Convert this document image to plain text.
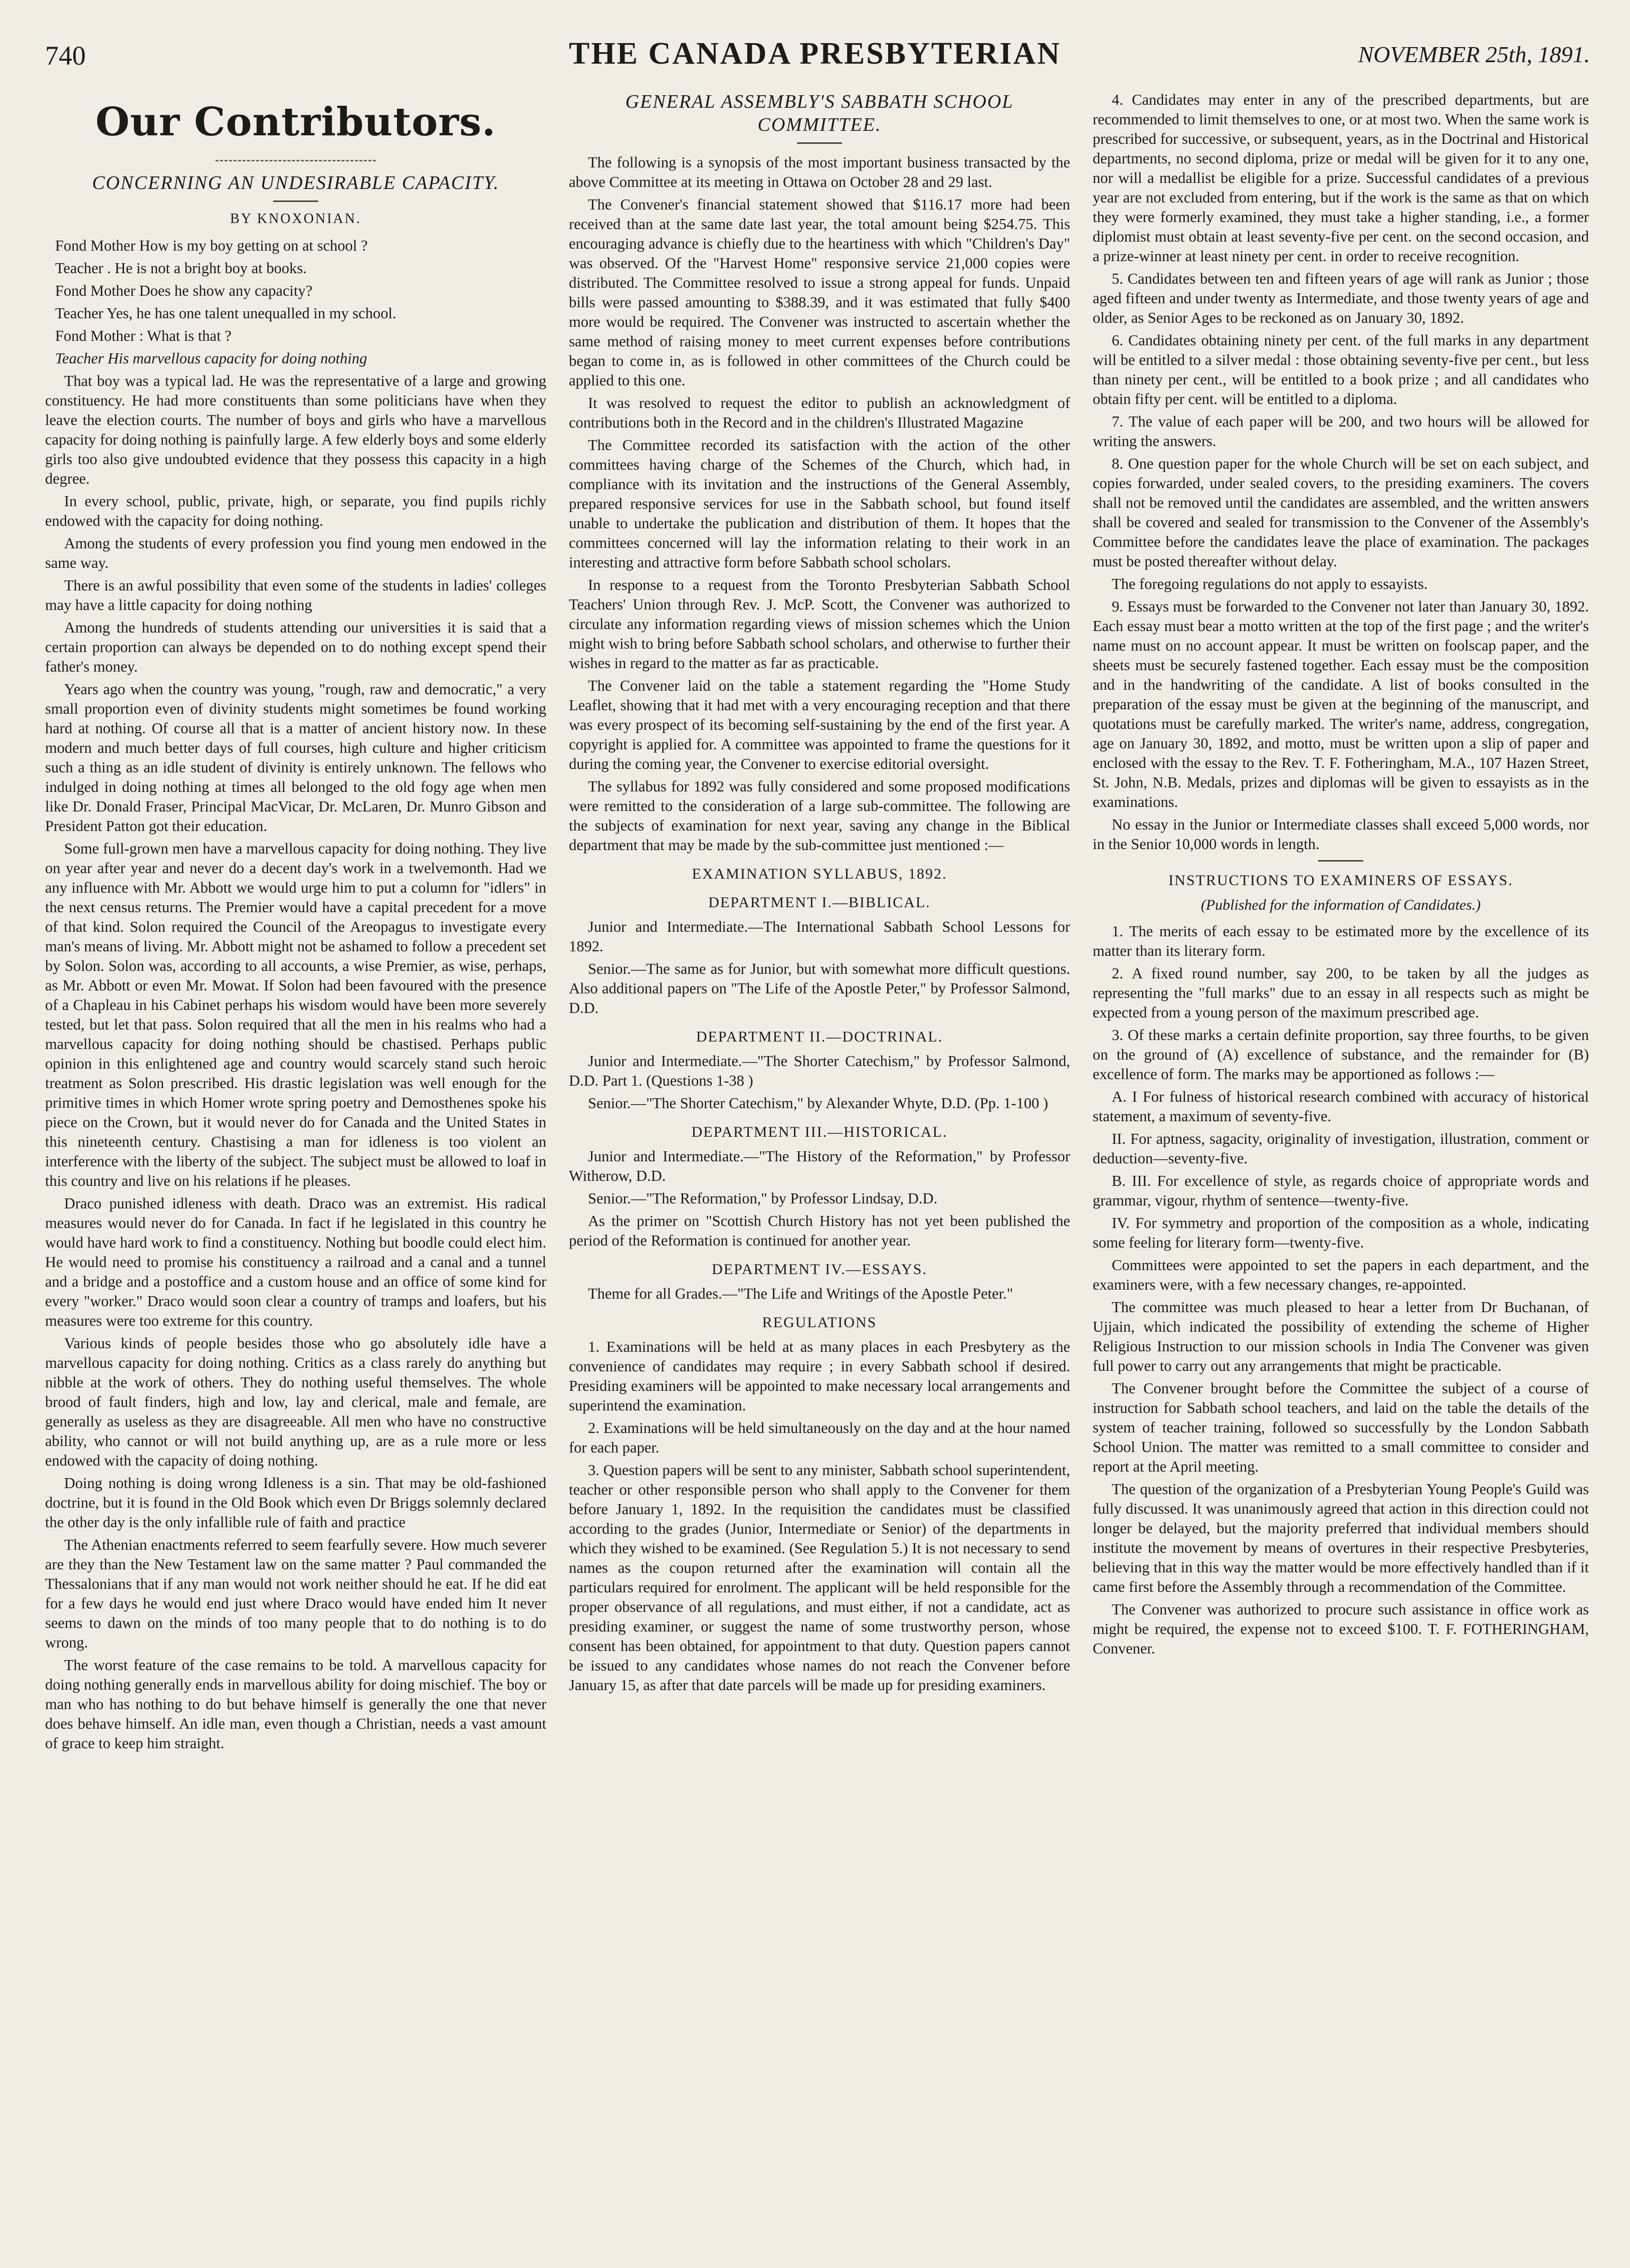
740	THE CANADA PRESBYTERIAN	NOVEMBER 25th, 1891.
Our Contributors.
CONCERNING AN UNDESIRABLE CAPACITY.
BY KNOXONIAN.

Fond Mother How is my boy getting on at school ?

Teacher . He is not a bright boy at books.

Fond Mother Does he show any capacity?

Teacher Yes, he has one talent unequalled in my school.

Fond Mother : What is that ?

Teacher His marvellous capacity for doing nothing

That boy was a typical lad. He was the representative of a large and growing constituency. He had more constituents than some politicians have when they leave the election courts. The number of boys and girls who have a marvellous capacity for doing nothing is painfully large. A few elderly boys and some elderly girls too also give undoubted evidence that they possess this capacity in a high degree.

In every school, public, private, high, or separate, you find pupils richly endowed with the capacity for doing nothing.

Among the students of every profession you find young men endowed in the same way.

There is an awful possibility that even some of the students in ladies' colleges may have a little capacity for doing nothing

Among the hundreds of students attending our universities it is said that a certain proportion can always be depended on to do nothing except spend their father's money.

Years ago when the country was young, "rough, raw and democratic," a very small proportion even of divinity students might sometimes be found working hard at nothing. Of course all that is a matter of ancient history now. In these modern and much better days of full courses, high culture and higher criticism such a thing as an idle student of divinity is entirely unknown. The fellows who indulged in doing nothing at times all belonged to the old fogy age when men like Dr. Donald Fraser, Principal MacVicar, Dr. McLaren, Dr. Munro Gibson and President Patton got their education.

Some full-grown men have a marvellous capacity for doing nothing. They live on year after year and never do a decent day's work in a twelvemonth. Had we any influence with Mr. Abbott we would urge him to put a column for "idlers" in the next census returns. The Premier would have a capital precedent for a move of that kind. Solon required the Council of the Areopagus to investigate every man's means of living. Mr. Abbott might not be ashamed to follow a precedent set by Solon. Solon was, according to all accounts, a wise Premier, as wise, perhaps, as Mr. Abbott or even Mr. Mowat. If Solon had been favoured with the presence of a Chapleau in his Cabinet perhaps his wisdom would have been more severely tested, but let that pass. Solon required that all the men in his realms who had a marvellous capacity for doing nothing should be chastised. Perhaps public opinion in this enlightened age and country would scarcely stand such heroic treatment as Solon prescribed. His drastic legislation was well enough for the primitive times in which Homer wrote spring poetry and Demosthenes spoke his piece on the Crown, but it would never do for Canada and the United States in this nineteenth century. Chastising a man for idleness is too violent an interference with the liberty of the subject. The subject must be allowed to loaf in this country and live on his relations if he pleases.

Draco punished idleness with death. Draco was an extremist. His radical measures would never do for Canada. In fact if he legislated in this country he would have hard work to find a constituency. Nothing but boodle could elect him. He would need to promise his constituency a railroad and a canal and a tunnel and a bridge and a postoffice and a custom house and an office of some kind for every "worker." Draco would soon clear a country of tramps and loafers, but his measures were too extreme for this country.

Various kinds of people besides those who go absolutely idle have a marvellous capacity for doing nothing. Critics as a class rarely do anything but nibble at the work of others. They do nothing useful themselves. The whole brood of fault finders, high and low, lay and clerical, male and female, are generally as useless as they are disagreeable. All men who have no constructive ability, who cannot or will not build anything up, are as a rule more or less endowed with the capacity of doing nothing.

Doing nothing is doing wrong Idleness is a sin. That may be old-fashioned doctrine, but it is found in the Old Book which even Dr Briggs solemnly declared the other day is the only infallible rule of faith and practice

The Athenian enactments referred to seem fearfully severe. How much severer are they than the New Testament law on the same matter ? Paul commanded the Thessalonians that if any man would not work neither should he eat. If he did eat for a few days he would end just where Draco would have ended him It never seems to dawn on the minds of too many people that to do nothing is to do wrong.

The worst feature of the case remains to be told. A marvellous capacity for doing nothing generally ends in marvellous ability for doing mischief. The boy or man who has nothing to do but behave himself is generally the one that never does behave himself. An idle man, even though a Christian, needs a vast amount of grace to keep him straight.

GENERAL ASSEMBLY'S SABBATH SCHOOL COMMITTEE.

The following is a synopsis of the most important business transacted by the above Committee at its meeting in Ottawa on October 28 and 29 last.

The Convener's financial statement showed that $116.17 more had been received than at the same date last year, the total amount being $254.75. This encouraging advance is chiefly due to the heartiness with which "Children's Day" was observed. Of the "Harvest Home" responsive service 21,000 copies were distributed. The Committee resolved to issue a strong appeal for funds. Unpaid bills were passed amounting to $388.39, and it was estimated that fully $400 more would be required. The Convener was instructed to ascertain whether the same method of raising money to meet current expenses before contributions began to come in, as is followed in other committees of the Church could be applied to this one.

It was resolved to request the editor to publish an acknowledgment of contributions both in the Record and in the children's Illustrated Magazine

The Committee recorded its satisfaction with the action of the other committees having charge of the Schemes of the Church, which had, in compliance with its invitation and the instructions of the General Assembly, prepared responsive services for use in the Sabbath school, but found itself unable to undertake the publication and distribution of them. It hopes that the committees concerned will lay the information relating to their work in an interesting and attractive form before Sabbath school scholars.

In response to a request from the Toronto Presbyterian Sabbath School Teachers' Union through Rev. J. McP. Scott, the Convener was authorized to circulate any information regarding views of mission schemes which the Union might wish to bring before Sabbath school scholars, and otherwise to further their wishes in regard to the matter as far as practicable.

The Convener laid on the table a statement regarding the "Home Study Leaflet, showing that it had met with a very encouraging reception and that there was every prospect of its becoming self-sustaining by the end of the first year. A copyright is applied for. A committee was appointed to frame the questions for it during the coming year, the Convener to exercise editorial oversight.

The syllabus for 1892 was fully considered and some proposed modifications were remitted to the consideration of a large sub-committee. The following are the subjects of examination for next year, saving any change in the Biblical department that may be made by the sub-committee just mentioned :—

EXAMINATION SYLLABUS, 1892.

DEPARTMENT I.—BIBLICAL.

Junior and Intermediate.—The International Sabbath School Lessons for 1892.

Senior.—The same as for Junior, but with somewhat more difficult questions. Also additional papers on "The Life of the Apostle Peter," by Professor Salmond, D.D.

DEPARTMENT II.—DOCTRINAL.

Junior and Intermediate.—"The Shorter Catechism," by Professor Salmond, D.D. Part 1. (Questions 1-38 )

Senior.—"The Shorter Catechism," by Alexander Whyte, D.D. (Pp. 1-100 )

DEPARTMENT III.—HISTORICAL.

Junior and Intermediate.—"The History of the Reformation," by Professor Witherow, D.D.

Senior.—"The Reformation," by Professor Lindsay, D.D.

As the primer on "Scottish Church History has not yet been published the period of the Reformation is continued for another year.

DEPARTMENT IV.—ESSAYS.

Theme for all Grades.—"The Life and Writings of the Apostle Peter."

REGULATIONS

1. Examinations will be held at as many places in each Presbytery as the convenience of candidates may require ; in every Sabbath school if desired. Presiding examiners will be appointed to make necessary local arrangements and superintend the examination.

2. Examinations will be held simultaneously on the day and at the hour named for each paper.

3. Question papers will be sent to any minister, Sabbath school superintendent, teacher or other responsible person who shall apply to the Convener for them before January 1, 1892. In the requisition the candidates must be classified according to the grades (Junior, Intermediate or Senior) of the departments in which they wished to be examined. (See Regulation 5.) It is not necessary to send names as the coupon returned after the examination will contain all the particulars required for enrolment. The applicant will be held responsible for the proper observance of all regulations, and must either, if not a candidate, act as presiding examiner, or suggest the name of some trustworthy person, whose consent has been obtained, for appointment to that duty. Question papers cannot be issued to any candidates whose names do not reach the Convener before January 15, as after that date parcels will be made up for presiding examiners.

4. Candidates may enter in any of the prescribed departments, but are recommended to limit themselves to one, or at most two. When the same work is prescribed for successive, or subsequent, years, as in the Doctrinal and Historical departments, no second diploma, prize or medal will be given for it to any one, nor will a medallist be eligible for a prize. Successful candidates of a previous year are not excluded from entering, but if the work is the same as that on which they were formerly examined, they must take a higher standing, i.e., a former diplomist must obtain at least seventy-five per cent. on the second occasion, and a prize-winner at least ninety per cent. in order to receive recognition.

5. Candidates between ten and fifteen years of age will rank as Junior ; those aged fifteen and under twenty as Intermediate, and those twenty years of age and older, as Senior Ages to be reckoned as on January 30, 1892.

6. Candidates obtaining ninety per cent. of the full marks in any department will be entitled to a silver medal : those obtaining seventy-five per cent., but less than ninety per cent., will be entitled to a book prize ; and all candidates who obtain fifty per cent. will be entitled to a diploma.

7. The value of each paper will be 200, and two hours will be allowed for writing the answers.

8. One question paper for the whole Church will be set on each subject, and copies forwarded, under sealed covers, to the presiding examiners. The covers shall not be removed until the candidates are assembled, and the written answers shall be covered and sealed for transmission to the Convener of the Assembly's Committee before the candidates leave the place of examination. The packages must be posted thereafter without delay.

The foregoing regulations do not apply to essayists.

9. Essays must be forwarded to the Convener not later than January 30, 1892. Each essay must bear a motto written at the top of the first page ; and the writer's name must on no account appear. It must be written on foolscap paper, and the sheets must be securely fastened together. Each essay must be the composition and in the handwriting of the candidate. A list of books consulted in the preparation of the essay must be given at the beginning of the manuscript, and quotations must be carefully marked. The writer's name, address, congregation, age on January 30, 1892, and motto, must be written upon a slip of paper and enclosed with the essay to the Rev. T. F. Fotheringham, M.A., 107 Hazen Street, St. John, N.B. Medals, prizes and diplomas will be given to essayists as in the examinations.

No essay in the Junior or Intermediate classes shall exceed 5,000 words, nor in the Senior 10,000 words in length.

INSTRUCTIONS TO EXAMINERS OF ESSAYS.

(Published for the information of Candidates.)

1. The merits of each essay to be estimated more by the excellence of its matter than its literary form.

2. A fixed round number, say 200, to be taken by all the judges as representing the "full marks" due to an essay in all respects such as might be expected from a young person of the maximum prescribed age.

3. Of these marks a certain definite proportion, say three fourths, to be given on the ground of (A) excellence of substance, and the remainder for (B) excellence of form. The marks may be apportioned as follows :—

A. I For fulness of historical research combined with accuracy of historical statement, a maximum of seventy-five.

II. For aptness, sagacity, originality of investigation, illustration, comment or deduction—seventy-five.

B. III. For excellence of style, as regards choice of appropriate words and grammar, vigour, rhythm of sentence—twenty-five.

IV. For symmetry and proportion of the composition as a whole, indicating some feeling for literary form—twenty-five.

Committees were appointed to set the papers in each department, and the examiners were, with a few necessary changes, re-appointed.

The committee was much pleased to hear a letter from Dr Buchanan, of Ujjain, which indicated the possibility of extending the scheme of Higher Religious Instruction to our mission schools in India The Convener was given full power to carry out any arrangements that might be practicable.

The Convener brought before the Committee the subject of a course of instruction for Sabbath school teachers, and laid on the table the details of the system of teacher training, followed so successfully by the London Sabbath School Union. The matter was remitted to a small committee to consider and report at the April meeting.

The question of the organization of a Presbyterian Young People's Guild was fully discussed. It was unanimously agreed that action in this direction could not longer be delayed, but the majority preferred that individual members should institute the movement by means of overtures in their respective Presbyteries, believing that in this way the matter would be more effectively handled than if it came first before the Assembly through a recommendation of the Committee.

The Convener was authorized to procure such assistance in office work as might be required, the expense not to exceed $100. T. F. FOTHERINGHAM, Convener.
